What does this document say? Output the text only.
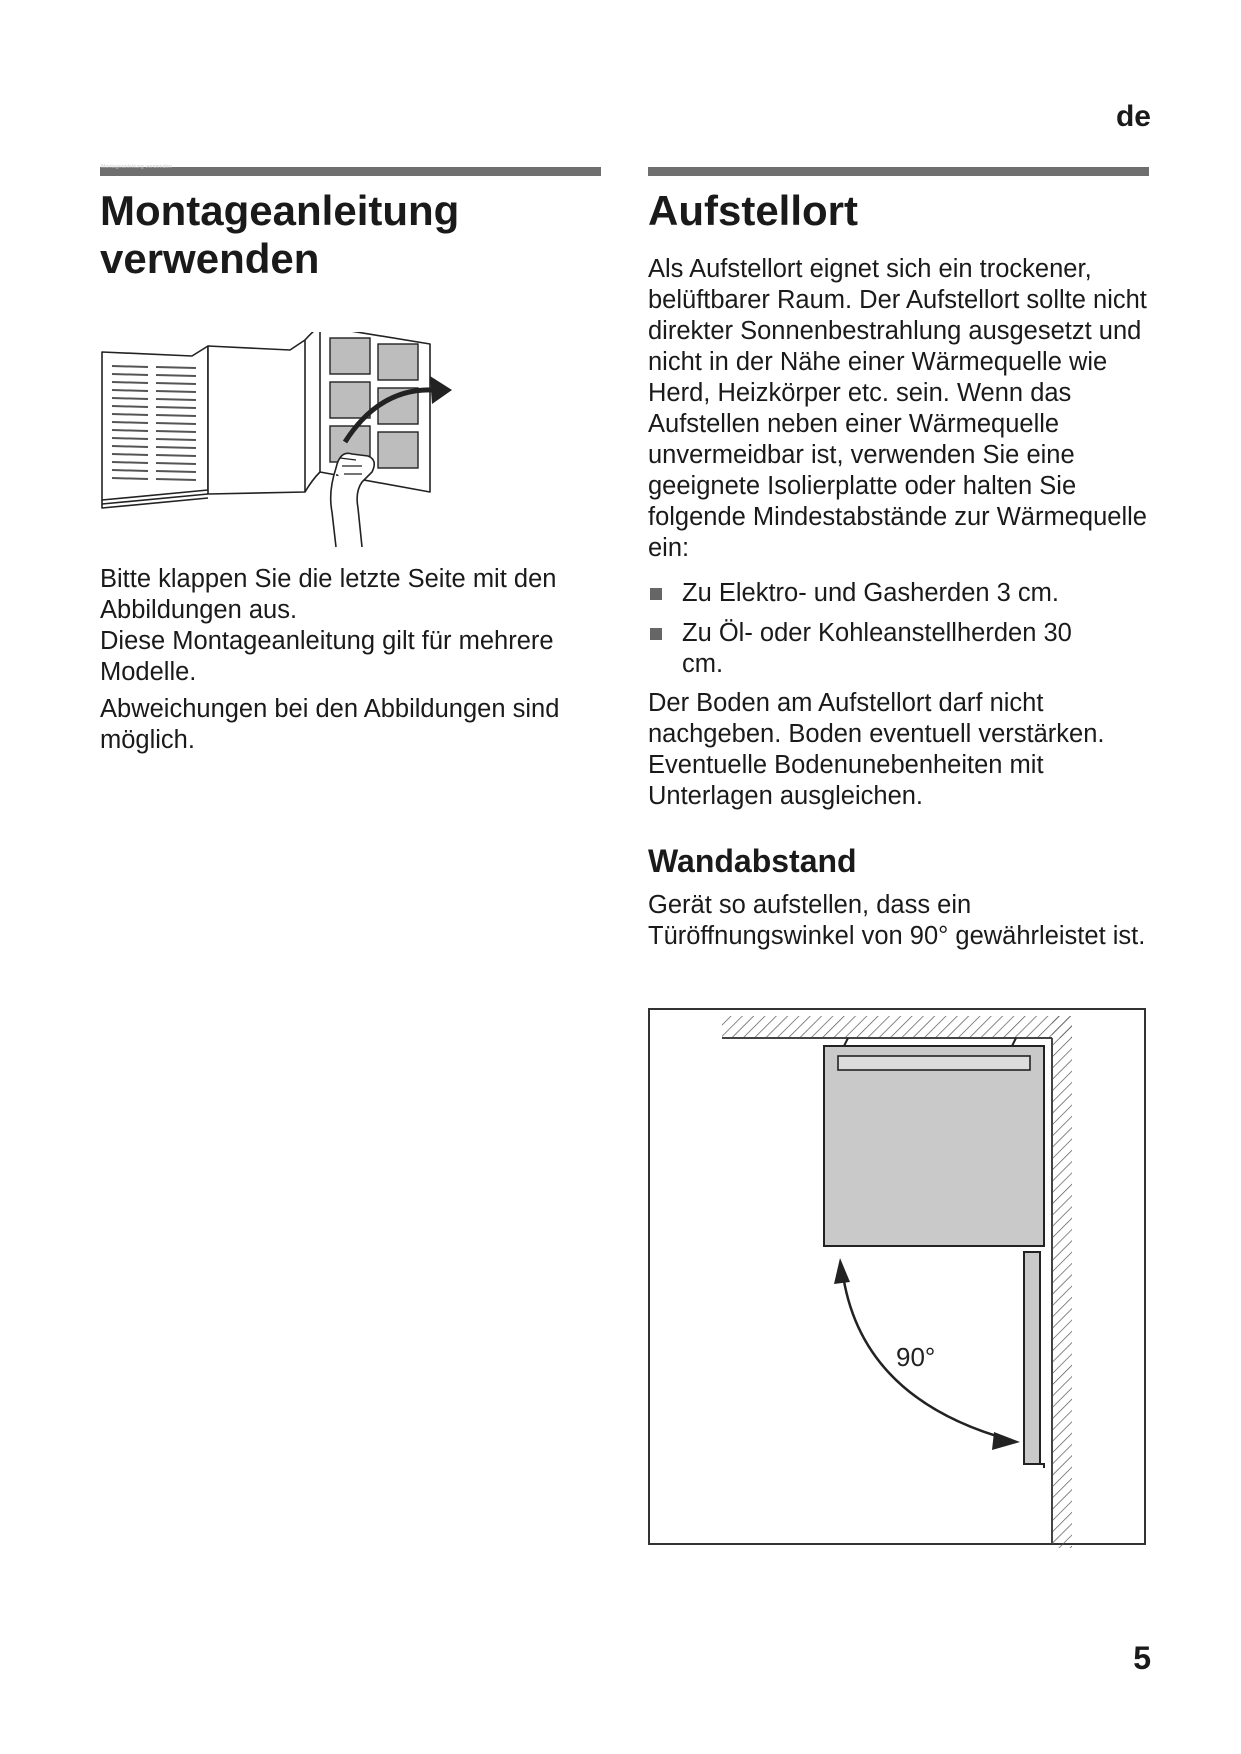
de
Montageanleitung verwenden
Montageanleitung verwenden

Bitte klappen Sie die letzte Seite mit den Abbildungen aus.
Diese Montageanleitung gilt für mehrere Modelle.

Abweichungen bei den Abbildungen sind möglich.

Aufstellort

Als Aufstellort eignet sich ein trockener, belüftbarer Raum. Der Aufstellort sollte nicht direkter Sonnenbestrahlung ausgesetzt und nicht in der Nähe einer Wärmequelle wie Herd, Heizkörper etc. sein. Wenn das Aufstellen neben einer Wärmequelle unvermeidbar ist, verwenden Sie eine geeignete Isolierplatte oder halten Sie folgende Mindestabstände zur Wärmequelle ein:

Zu Elektro- und Gasherden 3 cm.
Zu Öl- oder Kohleanstellherden 30 cm.

Der Boden am Aufstellort darf nicht nachgeben. Boden eventuell verstärken. Eventuelle Bodenunebenheiten mit Unterlagen ausgleichen.

Wandabstand

Gerät so aufstellen, dass ein Türöffnungswinkel von 90° gewährleistet ist.

90°
5
